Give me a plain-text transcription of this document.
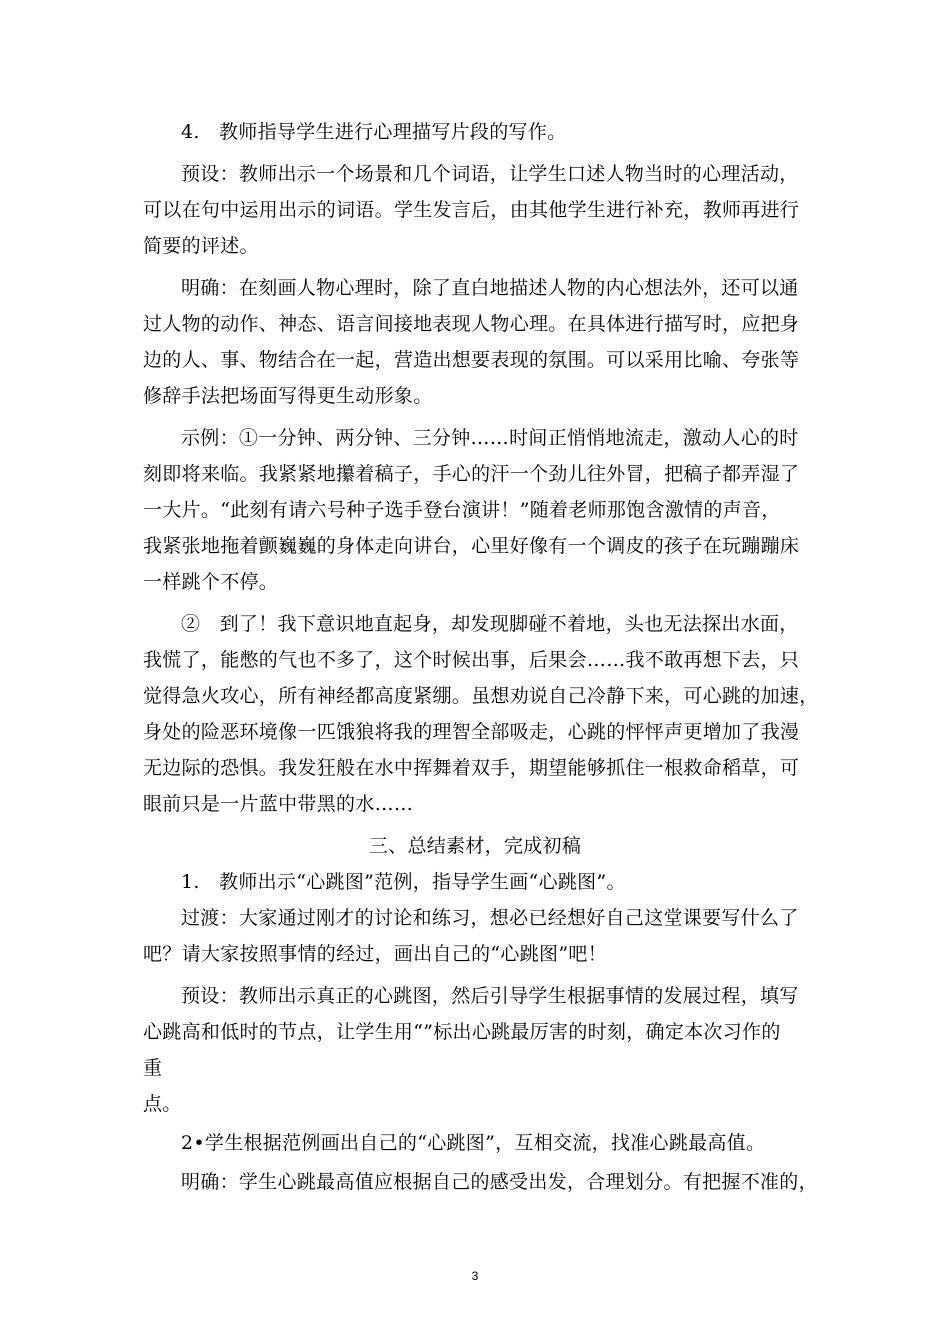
4.　教师指导学生进行心理描写片段的写作。
预设：教师出示一个场景和几个词语，让学生口述人物当时的心理活动，
可以在句中运用出示的词语。学生发言后，由其他学生进行补充，教师再进行
简要的评述。
明确：在刻画人物心理时，除了直白地描述人物的内心想法外，还可以通
过人物的动作、神态、语言间接地表现人物心理。在具体进行描写时，应把身
边的人、事、物结合在一起，营造出想要表现的氛围。可以采用比喻、夸张等
修辞手法把场面写得更生动形象。
示例：①一分钟、两分钟、三分钟……时间正悄悄地流走，激动人心的时
刻即将来临。我紧紧地攥着稿子，手心的汗一个劲儿往外冒，把稿子都弄湿了
一大片。“此刻有请六号种子选手登台演讲！”随着老师那饱含激情的声音，
我紧张地拖着颤巍巍的身体走向讲台，心里好像有一个调皮的孩子在玩蹦蹦床
一样跳个不停。
②　到了！我下意识地直起身，却发现脚碰不着地，头也无法探出水面，
我慌了，能憋的气也不多了，这个时候出事，后果会……我不敢再想下去，只
觉得急火攻心，所有神经都高度紧绷。虽想劝说自己冷静下来，可心跳的加速，
身处的险恶环境像一匹饿狼将我的理智全部吸走，心跳的怦怦声更增加了我漫
无边际的恐惧。我发狂般在水中挥舞着双手，期望能够抓住一根救命稻草，可
眼前只是一片蓝中带黑的水……
三、总结素材，完成初稿
1.　教师出示“心跳图”范例，指导学生画“心跳图”。
过渡：大家通过刚才的讨论和练习，想必已经想好自己这堂课要写什么了
吧？请大家按照事情的经过，画出自己的“心跳图”吧！
预设：教师出示真正的心跳图，然后引导学生根据事情的发展过程，填写
心跳高和低时的节点，让学生用“”标出心跳最厉害的时刻，确定本次习作的
重
点。
2•学生根据范例画出自己的“心跳图”，互相交流，找准心跳最高值。
明确：学生心跳最高值应根据自己的感受出发，合理划分。有把握不准的，
3
